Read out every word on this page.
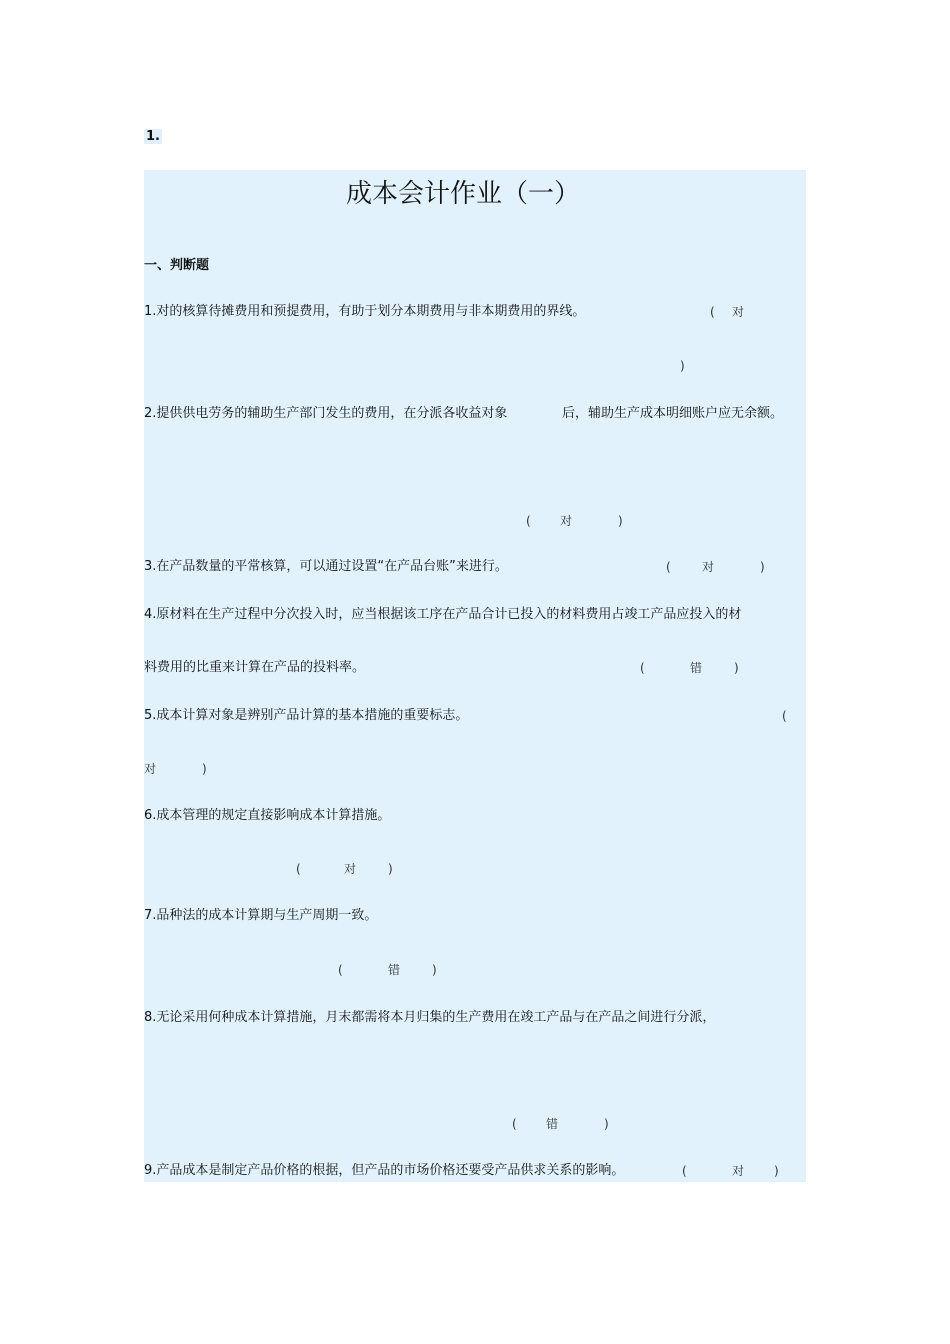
1.
成本会计作业（一）
一、判断题
1.对的核算待摊费用和预提费用，有助于划分本期费用与非本期费用的界线。	( 对
)
2.提供供电劳务的辅助生产部门发生的费用，在分派各收益对象	后，辅助生产成本明细账户应无余额。
( 对	)
3.在产品数量的平常核算，可以通过设置“在产品台账”来进行。	(	对	)
4.原材料在生产过程中分次投入时，应当根据该工序在产品合计已投入的材料费用占竣工产品应投入的材
料费用的比重来计算在产品的投料率。	(	错	)
5.成本计算对象是辨别产品计算的基本措施的重要标志。	(
对	)
6.成本管理的规定直接影响成本计算措施。
(	对	)
7.品种法的成本计算期与生产周期一致。
(	错	)
8.无论采用何种成本计算措施，月末都需将本月归集的生产费用在竣工产品与在产品之间进行分派，
( 错	)
9.产品成本是制定产品价格的根据，但产品的市场价格还要受产品供求关系的影响。	(	对 )
